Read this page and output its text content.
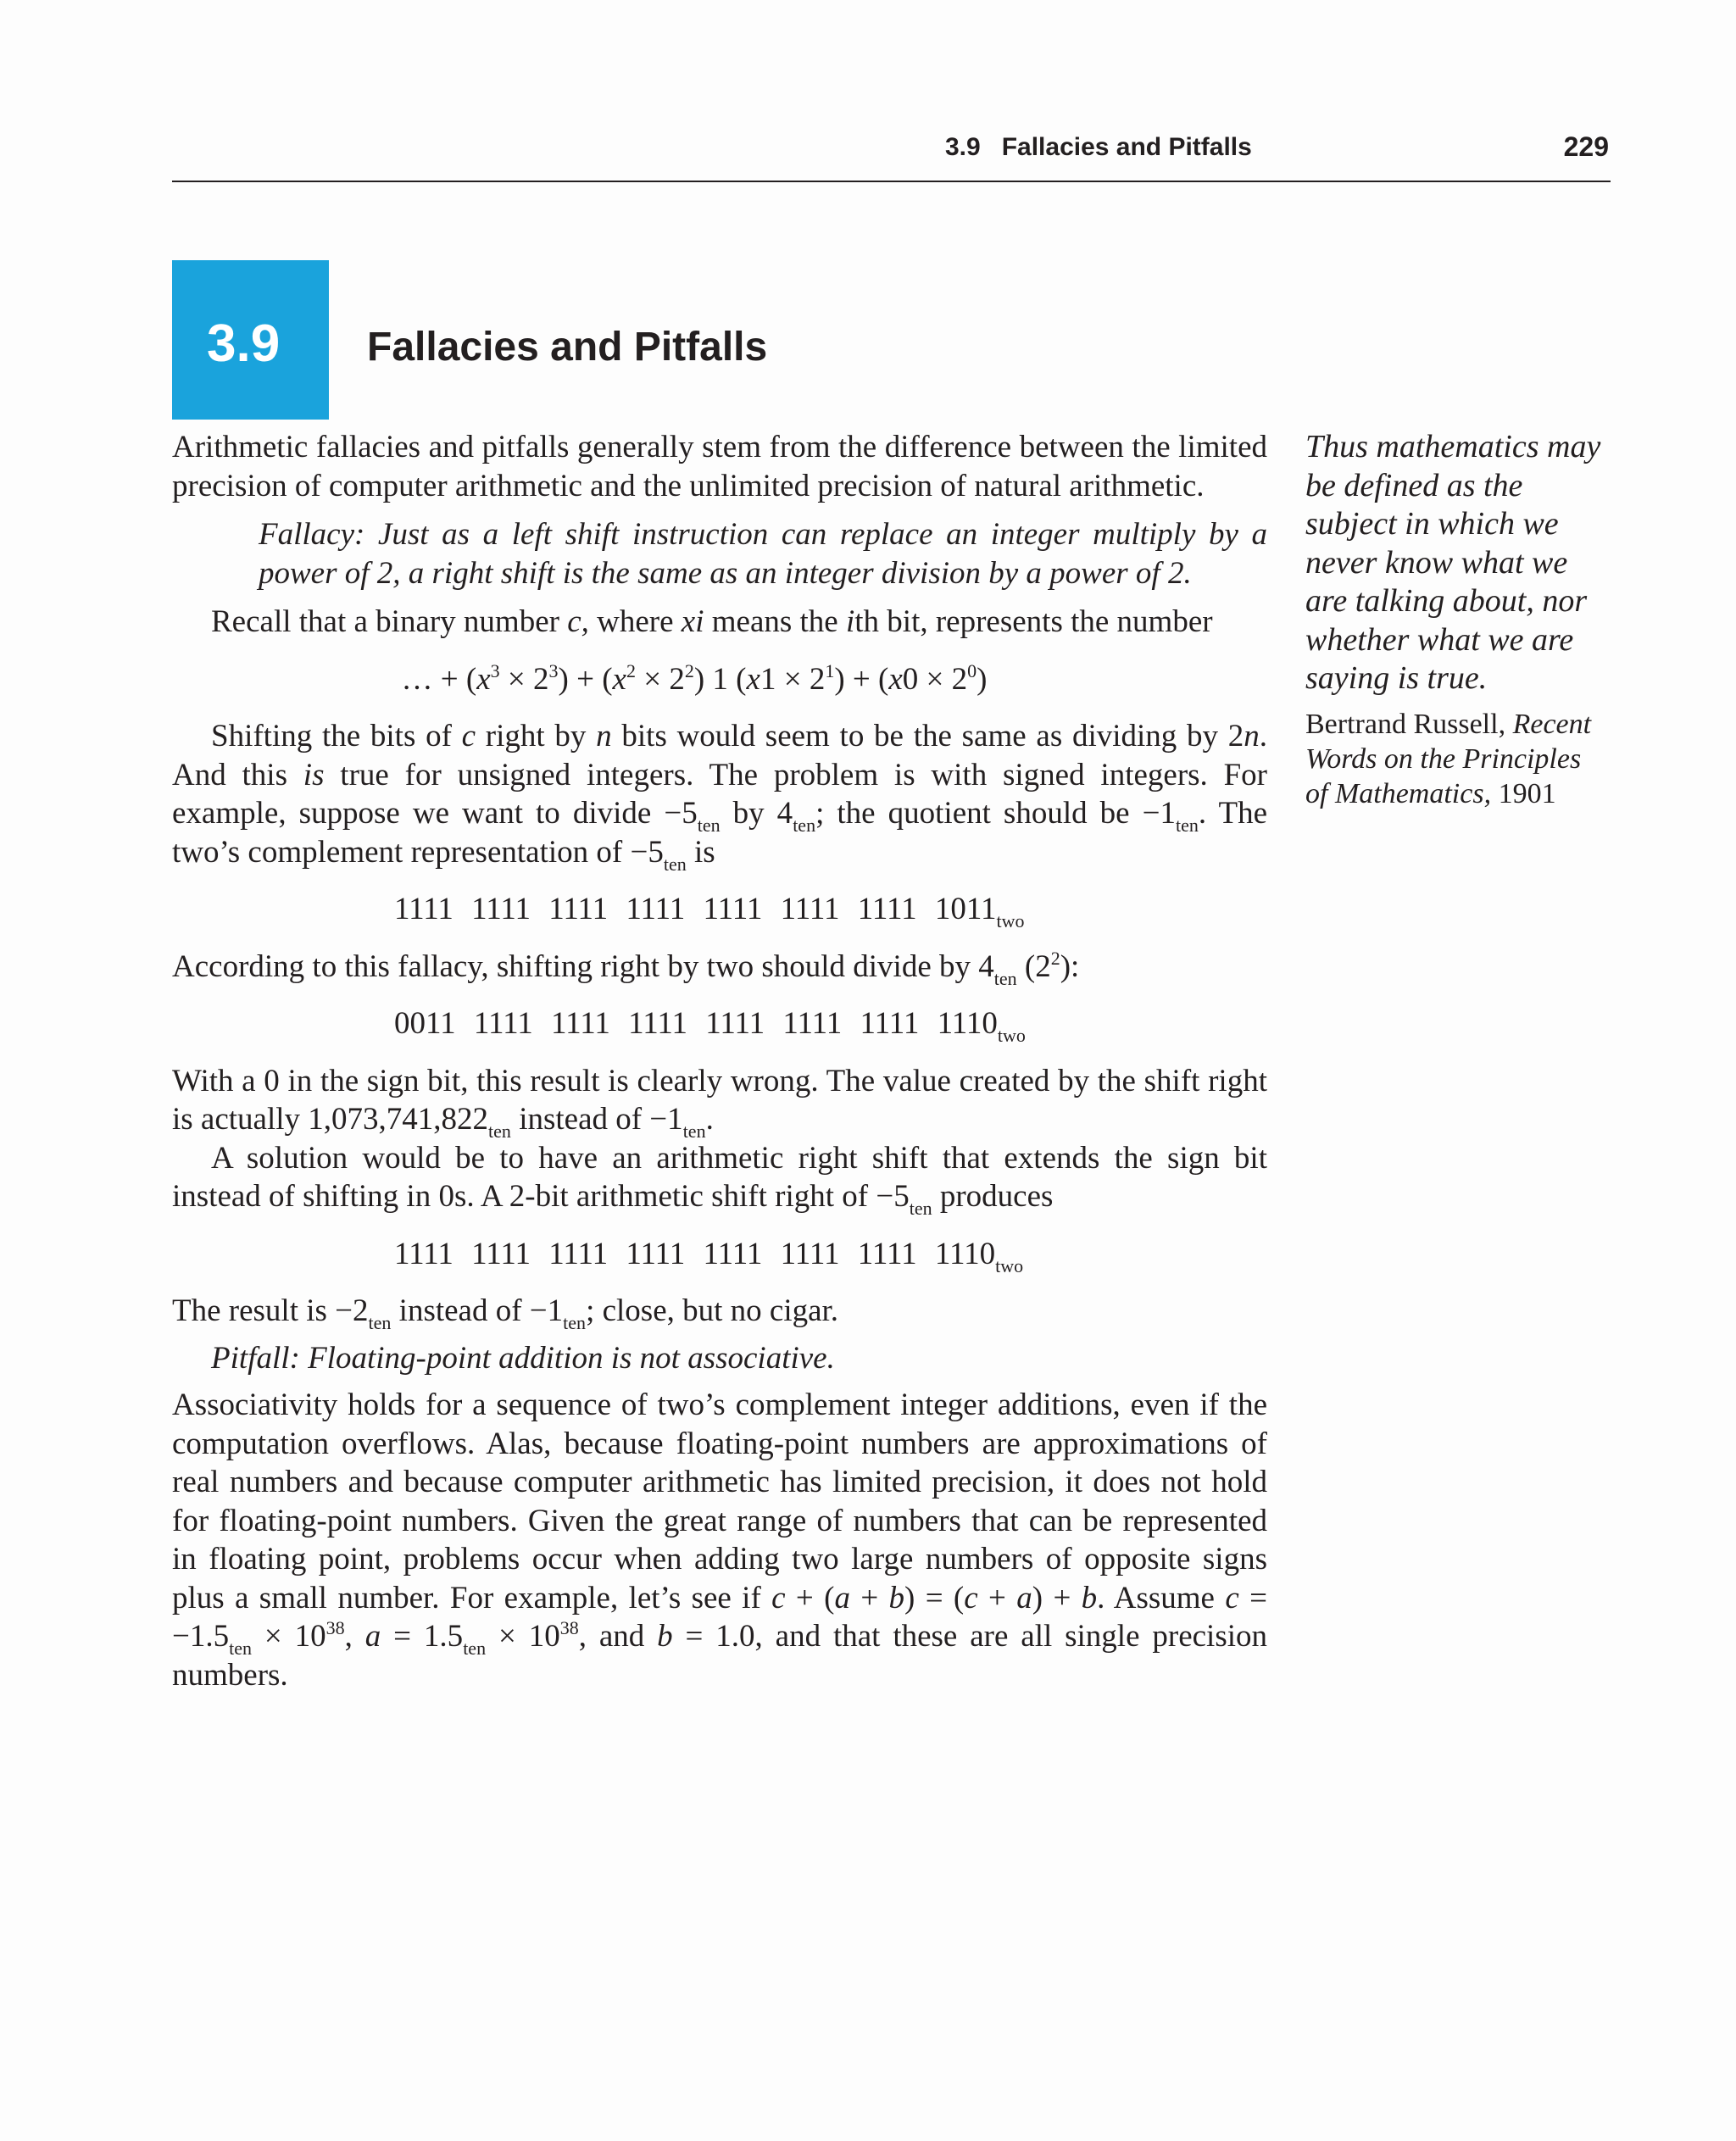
3.9   Fallacies and Pitfalls	229
3.9 Fallacies and Pitfalls

Arithmetic fallacies and pitfalls generally stem from the difference between the limited precision of computer arithmetic and the unlimited precision of natural arithmetic.

Fallacy: Just as a left shift instruction can replace an integer multiply by a power of 2, a right shift is the same as an integer division by a power of 2.

Recall that a binary number c, where xi means the ith bit, represents the number

… + $(x^3 \times 2^3) + (x^2 \times 2^2)$ 1 $(x1 \times 2^1) + (x0 \times 2^0)$

Shifting the bits of c right by n bits would seem to be the same as dividing by 2n. And this is true for unsigned integers. The problem is with signed integers. For example, suppose we want to divide $-5_{ten}$ by $4_{ten}$; the quotient should be $-1_{ten}$. The two’s complement representation of $-5_{ten}$ is

1111 1111 1111 1111 1111 1111 1111 $1011_{two}$

According to this fallacy, shifting right by two should divide by $4_{ten}$ $(2^2)$:

0011 1111 1111 1111 1111 1111 1111 $1110_{two}$

With a 0 in the sign bit, this result is clearly wrong. The value created by the shift right is actually $1,073,741,822_{ten}$ instead of $-1_{ten}$.

A solution would be to have an arithmetic right shift that extends the sign bit instead of shifting in 0s. A 2-bit arithmetic shift right of $-5_{ten}$ produces

1111 1111 1111 1111 1111 1111 1111 $1110_{two}$

The result is $-2_{ten}$ instead of $-1_{ten}$; close, but no cigar.

Pitfall: Floating-point addition is not associative.

Associativity holds for a sequence of two’s complement integer additions, even if the computation overflows. Alas, because floating-point numbers are approximations of real numbers and because computer arithmetic has limited precision, it does not hold for floating-point numbers. Given the great range of numbers that can be represented in floating point, problems occur when adding two large numbers of opposite signs plus a small number. For example, let’s see if c + (a + b) = (c + a) + b. Assume $c = -1.5_{ten} \times 10^{38}$, $a = 1.5_{ten} \times 10^{38}$, and b = 1.0, and that these are all single precision numbers.

Thus mathematics may be defined as the subject in which we never know what we are talking about, nor whether what we are saying is true.

Bertrand Russell, Recent Words on the Principles of Mathematics, 1901
